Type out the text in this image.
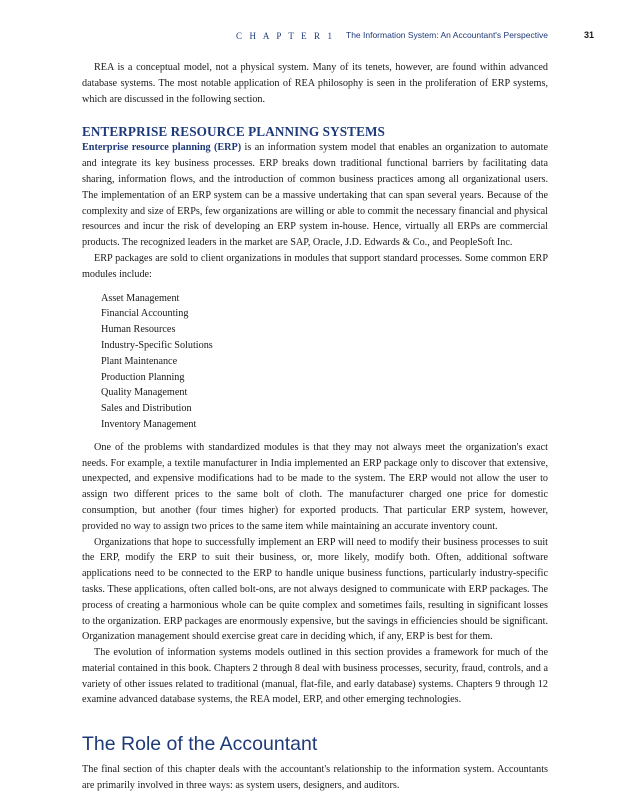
C H A P T E R 1 The Information System: An Accountant's Perspective	31

REA is a conceptual model, not a physical system. Many of its tenets, however, are found within advanced database systems. The most notable application of REA philosophy is seen in the proliferation of ERP systems, which are discussed in the following section.

ENTERPRISE RESOURCE PLANNING SYSTEMS

Enterprise resource planning (ERP) is an information system model that enables an organization to automate and integrate its key business processes. ERP breaks down traditional functional barriers by facilitating data sharing, information flows, and the introduction of common business practices among all organizational users. The implementation of an ERP system can be a massive undertaking that can span several years. Because of the complexity and size of ERPs, few organizations are willing or able to commit the necessary financial and physical resources and incur the risk of developing an ERP system in-house. Hence, virtually all ERPs are commercial products. The recognized leaders in the market are SAP, Oracle, J.D. Edwards & Co., and PeopleSoft Inc.

ERP packages are sold to client organizations in modules that support standard processes. Some common ERP modules include:

Asset Management
Financial Accounting
Human Resources
Industry-Specific Solutions
Plant Maintenance
Production Planning
Quality Management
Sales and Distribution
Inventory Management

One of the problems with standardized modules is that they may not always meet the organization's exact needs. For example, a textile manufacturer in India implemented an ERP package only to discover that extensive, unexpected, and expensive modifications had to be made to the system. The ERP would not allow the user to assign two different prices to the same bolt of cloth. The manufacturer charged one price for domestic consumption, but another (four times higher) for exported products. That particular ERP system, however, provided no way to assign two prices to the same item while maintaining an accurate inventory count.

Organizations that hope to successfully implement an ERP will need to modify their business processes to suit the ERP, modify the ERP to suit their business, or, more likely, modify both. Often, additional software applications need to be connected to the ERP to handle unique business functions, particularly industry-specific tasks. These applications, often called bolt-ons, are not always designed to communicate with ERP packages. The process of creating a harmonious whole can be quite complex and sometimes fails, resulting in significant losses to the organization. ERP packages are enormously expensive, but the savings in efficiencies should be significant. Organization management should exercise great care in deciding which, if any, ERP is best for them.

The evolution of information systems models outlined in this section provides a framework for much of the material contained in this book. Chapters 2 through 8 deal with business processes, security, fraud, controls, and a variety of other issues related to traditional (manual, flat-file, and early database) systems. Chapters 9 through 12 examine advanced database systems, the REA model, ERP, and other emerging technologies.

The Role of the Accountant

The final section of this chapter deals with the accountant's relationship to the information system. Accountants are primarily involved in three ways: as system users, designers, and auditors.
